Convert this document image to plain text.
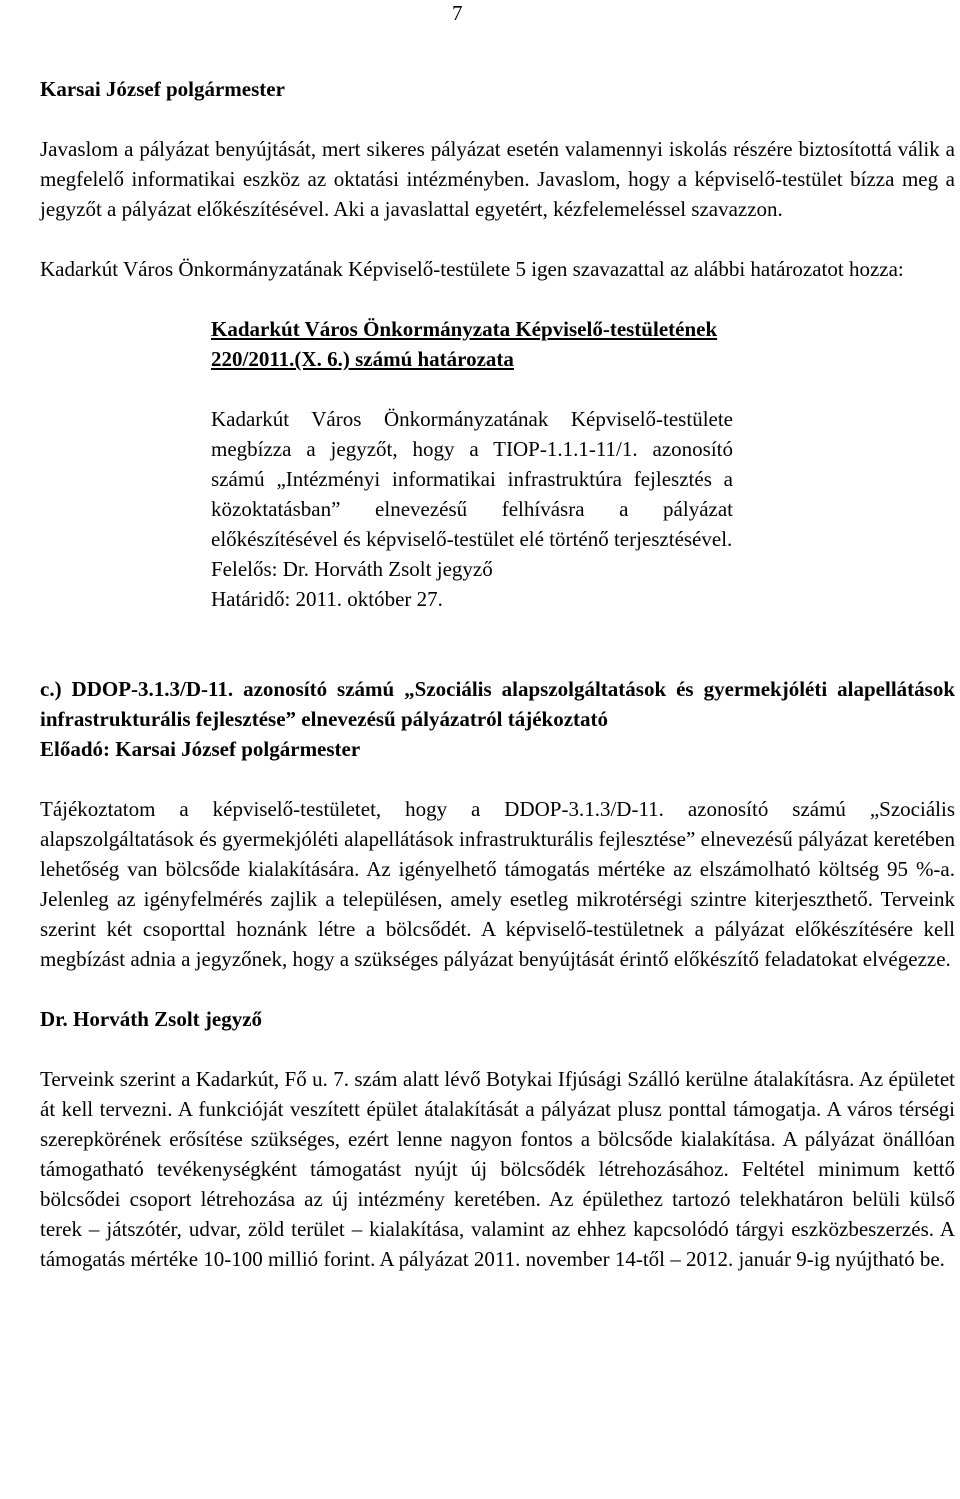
7
Karsai József polgármester

Javaslom a pályázat benyújtását, mert sikeres pályázat esetén valamennyi iskolás részére biztosítottá válik a megfelelő informatikai eszköz az oktatási intézményben. Javaslom, hogy a képviselő-testület bízza meg a jegyzőt a pályázat előkészítésével. Aki a javaslattal egyetért, kézfelemeléssel szavazzon.

Kadarkút Város Önkormányzatának Képviselő-testülete 5 igen szavazattal az alábbi határozatot hozza:

Kadarkút Város Önkormányzata Képviselő-testületének 220/2011.(X. 6.) számú határozata

Kadarkút Város Önkormányzatának Képviselő-testülete megbízza a jegyzőt, hogy a TIOP-1.1.1-11/1. azonosító számú „Intézményi informatikai infrastruktúra fejlesztés a közoktatásban” elnevezésű felhívásra a pályázat előkészítésével és képviselő-testület elé történő terjesztésével.

Felelős: Dr. Horváth Zsolt jegyző

Határidő: 2011. október 27.

c.) DDOP-3.1.3/D-11. azonosító számú „Szociális alapszolgáltatások és gyermekjóléti alapellátások infrastrukturális fejlesztése” elnevezésű pályázatról tájékoztató

Előadó: Karsai József polgármester

Tájékoztatom a képviselő-testületet, hogy a DDOP-3.1.3/D-11. azonosító számú „Szociális alapszolgáltatások és gyermekjóléti alapellátások infrastrukturális fejlesztése” elnevezésű pályázat keretében lehetőség van bölcsőde kialakítására. Az igényelhető támogatás mértéke az elszámolható költség 95 %-a. Jelenleg az igényfelmérés zajlik a településen, amely esetleg mikrotérségi szintre kiterjeszthető. Terveink szerint két csoporttal hoznánk létre a bölcsődét. A képviselő-testületnek a pályázat előkészítésére kell megbízást adnia a jegyzőnek, hogy a szükséges pályázat benyújtását érintő előkészítő feladatokat elvégezze.

Dr. Horváth Zsolt jegyző

Terveink szerint a Kadarkút, Fő u. 7. szám alatt lévő Botykai Ifjúsági Szálló kerülne átalakításra. Az épületet át kell tervezni. A funkcióját veszített épület átalakítását a pályázat plusz ponttal támogatja. A város térségi szerepkörének erősítése szükséges, ezért lenne nagyon fontos a bölcsőde kialakítása. A pályázat önállóan támogatható tevékenységként támogatást nyújt új bölcsődék létrehozásához. Feltétel minimum kettő bölcsődei csoport létrehozása az új intézmény keretében. Az épülethez tartozó telekhatáron belüli külső terek – játszótér, udvar, zöld terület – kialakítása, valamint az ehhez kapcsolódó tárgyi eszközbeszerzés. A támogatás mértéke 10-100 millió forint. A pályázat 2011. november 14-től – 2012. január 9-ig nyújtható be.
